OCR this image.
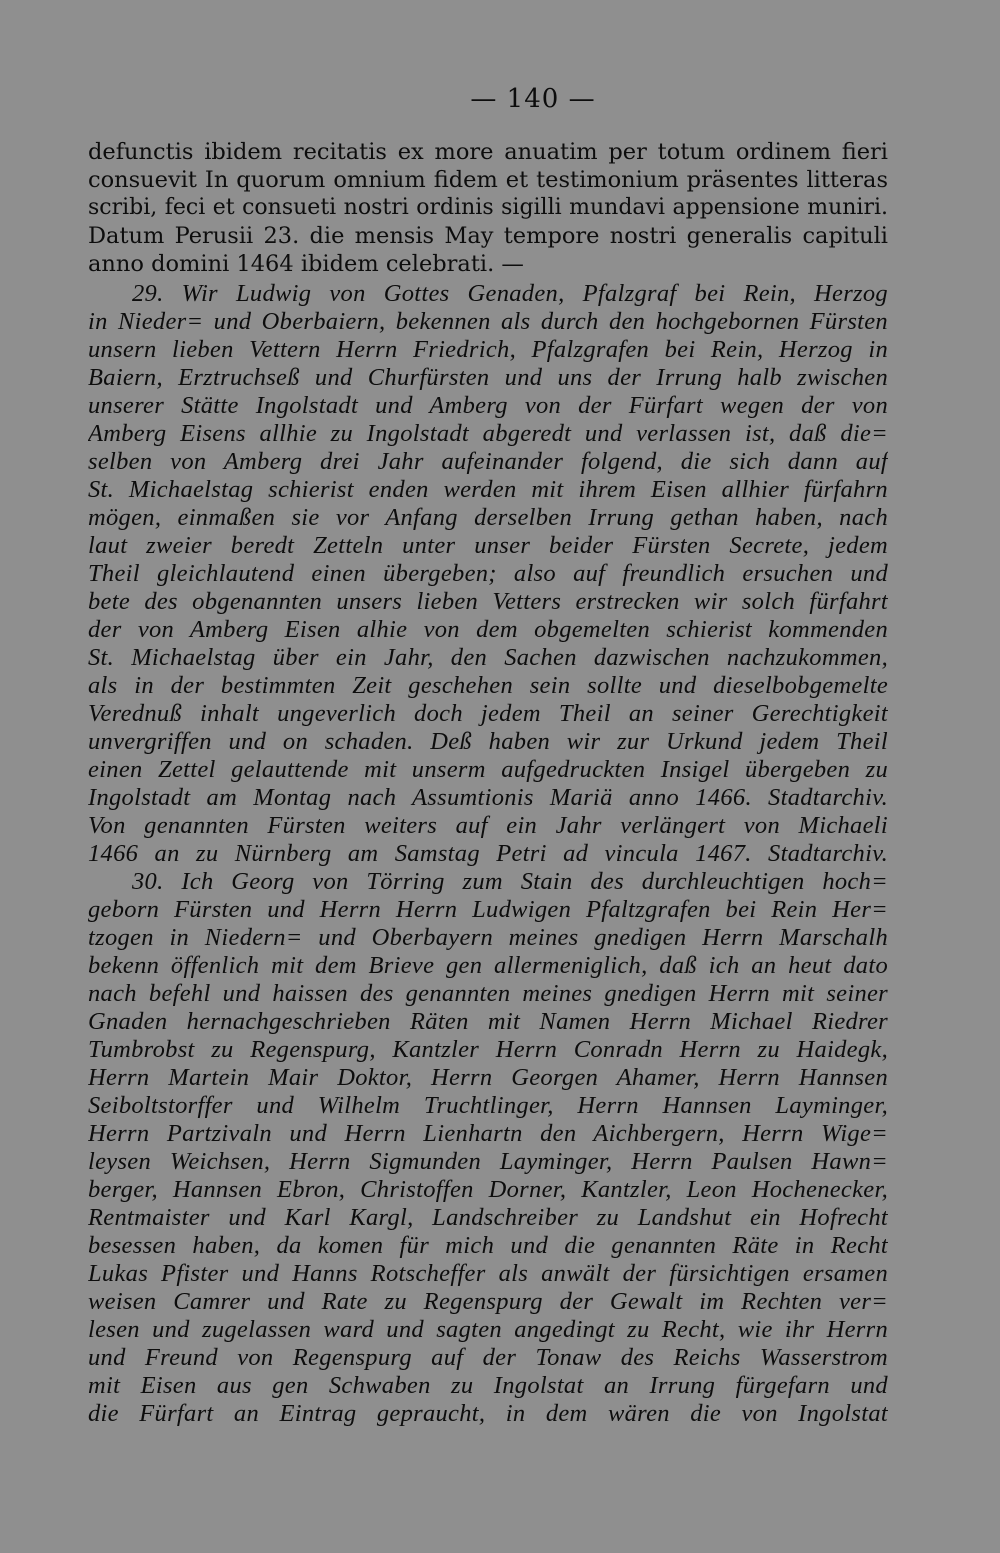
— 140 —
defunctis ibidem recitatis ex more anuatim per totum ordinem fieri
consuevit In quorum omnium fidem et testimonium präsentes litteras
scribi, feci et consueti nostri ordinis sigilli mundavi appensione muniri.
Datum Perusii 23. die mensis May tempore nostri generalis capituli
anno domini 1464 ibidem celebrati. —
29. Wir Ludwig von Gottes Genaden, Pfalzgraf bei Rein, Herzog
in Nieder= und Oberbaiern, bekennen als durch den hochgebornen Fürsten
unsern lieben Vettern Herrn Friedrich, Pfalzgrafen bei Rein, Herzog in
Baiern, Erztruchseß und Churfürsten und uns der Irrung halb zwischen
unserer Stätte Ingolstadt und Amberg von der Fürfart wegen der von
Amberg Eisens allhie zu Ingolstadt abgeredt und verlassen ist, daß die=
selben von Amberg drei Jahr aufeinander folgend, die sich dann auf
St. Michaelstag schierist enden werden mit ihrem Eisen allhier fürfahrn
mögen, einmaßen sie vor Anfang derselben Irrung gethan haben, nach
laut zweier beredt Zetteln unter unser beider Fürsten Secrete, jedem
Theil gleichlautend einen übergeben; also auf freundlich ersuchen und
bete des obgenannten unsers lieben Vetters erstrecken wir solch fürfahrt
der von Amberg Eisen alhie von dem obgemelten schierist kommenden
St. Michaelstag über ein Jahr, den Sachen dazwischen nachzukommen,
als in der bestimmten Zeit geschehen sein sollte und dieselbobgemelte
Verednuß inhalt ungeverlich doch jedem Theil an seiner Gerechtigkeit
unvergriffen und on schaden. Deß haben wir zur Urkund jedem Theil
einen Zettel gelauttende mit unserm aufgedruckten Insigel übergeben zu
Ingolstadt am Montag nach Assumtionis Mariä anno 1466. Stadtarchiv.
Von genannten Fürsten weiters auf ein Jahr verlängert von Michaeli
1466 an zu Nürnberg am Samstag Petri ad vincula 1467. Stadtarchiv.
30. Ich Georg von Törring zum Stain des durchleuchtigen hoch=
geborn Fürsten und Herrn Herrn Ludwigen Pfaltzgrafen bei Rein Her=
tzogen in Niedern= und Oberbayern meines gnedigen Herrn Marschalh
bekenn öffenlich mit dem Brieve gen allermeniglich, daß ich an heut dato
nach befehl und haissen des genannten meines gnedigen Herrn mit seiner
Gnaden hernachgeschrieben Räten mit Namen Herrn Michael Riedrer
Tumbrobst zu Regenspurg, Kantzler Herrn Conradn Herrn zu Haidegk,
Herrn Martein Mair Doktor, Herrn Georgen Ahamer, Herrn Hannsen
Seiboltstorffer und Wilhelm Truchtlinger, Herrn Hannsen Layminger,
Herrn Partzivaln und Herrn Lienhartn den Aichbergern, Herrn Wige=
leysen Weichsen, Herrn Sigmunden Layminger, Herrn Paulsen Hawn=
berger, Hannsen Ebron, Christoffen Dorner, Kantzler, Leon Hochenecker,
Rentmaister und Karl Kargl, Landschreiber zu Landshut ein Hofrecht
besessen haben, da komen für mich und die genannten Räte in Recht
Lukas Pfister und Hanns Rotscheffer als anwält der fürsichtigen ersamen
weisen Camrer und Rate zu Regenspurg der Gewalt im Rechten ver=
lesen und zugelassen ward und sagten angedingt zu Recht, wie ihr Herrn
und Freund von Regenspurg auf der Tonaw des Reichs Wasserstrom
mit Eisen aus gen Schwaben zu Ingolstat an Irrung fürgefarn und
die Fürfart an Eintrag gepraucht, in dem wären die von Ingolstat
